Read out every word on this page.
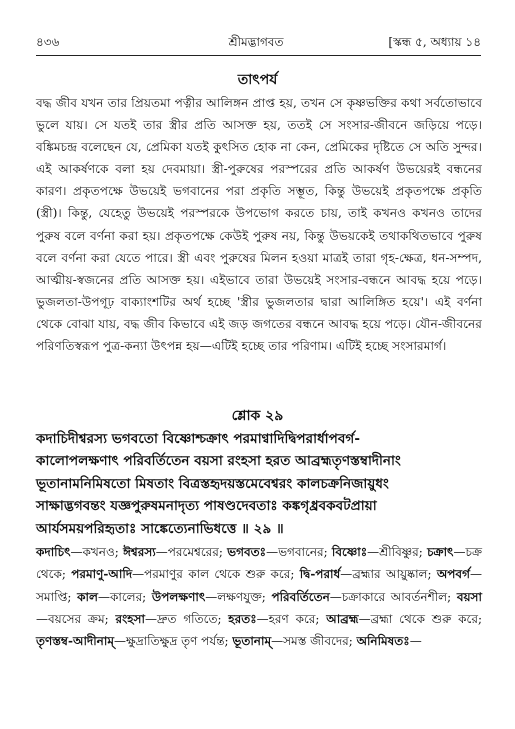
৪৩৬	শ্রীমদ্ভাগবত	[স্কন্ধ ৫, অধ্যায় ১৪
তাৎপর্য

বদ্ধ জীব যখন তার প্রিয়তমা পত্নীর আলিঙ্গন প্রাপ্ত হয়, তখন সে কৃষ্ণভক্তির কথা সর্বতোভাবে ভুলে যায়। সে যতই তার স্ত্রীর প্রতি আসক্ত হয়, ততই সে সংসার-জীবনে জড়িয়ে পড়ে। বঙ্কিমচন্দ্র বলেছেন যে, প্রেমিকা যতই কুৎসিত হোক না কেন, প্রেমিকের দৃষ্টিতে সে অতি সুন্দর। এই আকর্ষণকে বলা হয় দেবমায়া। স্ত্রী-পুরুষের পরস্পরের প্রতি আকর্ষণ উভয়েরই বন্ধনের কারণ। প্রকৃতপক্ষে উভয়েই ভগবানের পরা প্রকৃতি সম্ভূত, কিন্তু উভয়েই প্রকৃতপক্ষে প্রকৃতি (স্ত্রী)। কিন্তু, যেহেতু উভয়েই পরস্পরকে উপভোগ করতে চায়, তাই কখনও কখনও তাদের পুরুষ বলে বর্ণনা করা হয়। প্রকৃতপক্ষে কেউই পুরুষ নয়, কিন্তু উভয়কেই তথাকথিতভাবে পুরুষ বলে বর্ণনা করা যেতে পারে। স্ত্রী এবং পুরুষের মিলন হওয়া মাত্রই তারা গৃহ-ক্ষেত্র, ধন-সম্পদ, আত্মীয়-স্বজনের প্রতি আসক্ত হয়। এইভাবে তারা উভয়েই সংসার-বন্ধনে আবদ্ধ হয়ে পড়ে। ভুজলতা-উপগূঢ় বাক্যাংশটির অর্থ হচ্ছে 'স্ত্রীর ভুজলতার দ্বারা আলিঙ্গিত হয়ে'। এই বর্ণনা থেকে বোঝা যায়, বদ্ধ জীব কিভাবে এই জড় জগতের বন্ধনে আবদ্ধ হয়ে পড়ে। যৌন-জীবনের পরিণতিস্বরূপ পুত্র-কন্যা উৎপন্ন হয়—এটিই হচ্ছে তার পরিণাম। এটিই হচ্ছে সংসারমার্গ।

শ্লোক ২৯
কদাচিদীশ্বরস্য ভগবতো বিষ্ণোশ্চক্রাৎ পরমাণ্বাদিদ্বিপরার্ধাপবর্গ-
কালোপলক্ষণাৎ পরিবর্তিতেন বয়সা রংহসা হরত আব্রহ্মতৃণস্তম্বাদীনাং
ভূতানামনিমিষতো মিষতাং বিত্রস্তহৃদয়স্তমেবেশ্বরং কালচক্রনিজায়ুধং
সাক্ষাদ্ভগবন্তং যজ্ঞপুরুষমনাদৃত্য পাষণ্ডদেবতাঃ কঙ্কগৃধ্রবকবটপ্রায়া
আর্যসময়পরিহৃতাঃ সাঙ্কেত্যেনাভিধত্তে ॥ ২৯ ॥

কদাচিৎ—কখনও; ঈশ্বরস্য—পরমেশ্বরের; ভগবতঃ—ভগবানের; বিষ্ণোঃ—শ্রীবিষ্ণুর; চক্রাৎ—চক্র থেকে; পরমাণু-আদি—পরমাণুর কাল থেকে শুরু করে; দ্বি-পরার্ধ—ব্রহ্মার আয়ুষ্কাল; অপবর্গ—সমাপ্তি; কাল—কালের; উপলক্ষণাৎ—লক্ষণযুক্ত; পরিবর্তিতেন—চক্রাকারে আবর্তনশীল; বয়সা—বয়সের ক্রম; রংহসা—দ্রুত গতিতে; হরতঃ—হরণ করে; আব্রহ্ম—ব্রহ্মা থেকে শুরু করে; তৃণস্তম্ব-আদীনাম্—ক্ষুদ্রাতিক্ষুদ্র তৃণ পর্যন্ত; ভূতানাম্—সমস্ত জীবদের; অনিমিষতঃ—
